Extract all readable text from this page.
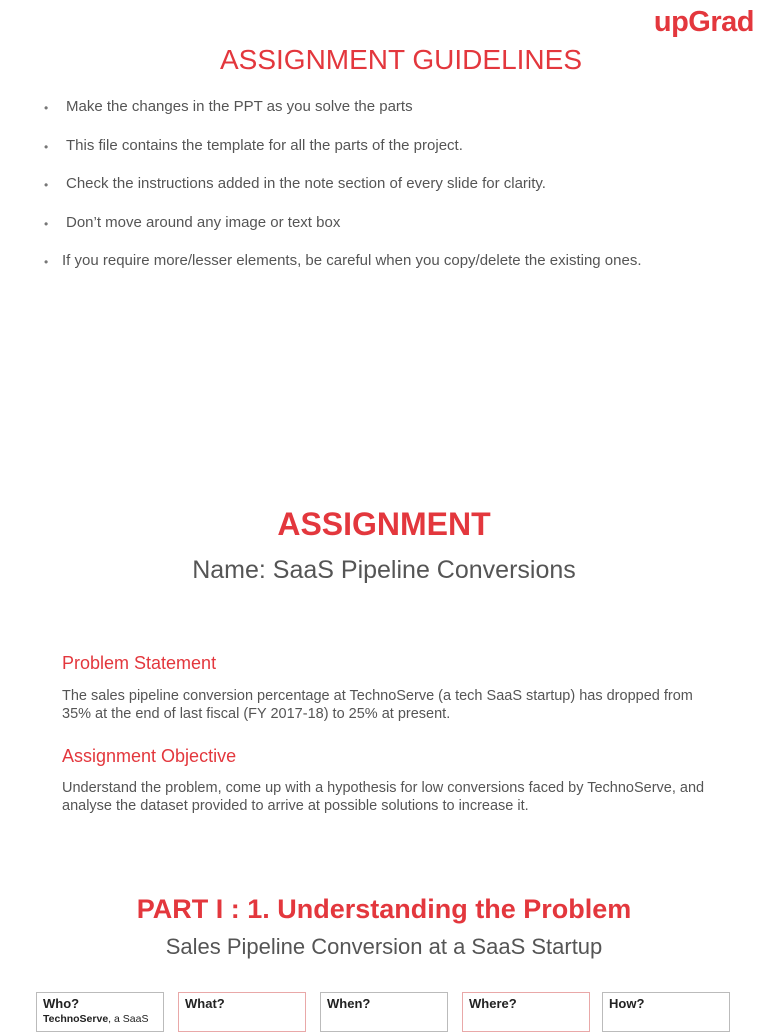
upGrad
ASSIGNMENT GUIDELINES
•	Make the changes in the PPT as you solve the parts
•	This file contains the template for all the parts of the project.
•	Check the instructions added in the note section of every slide for clarity.
•	Don’t move around any image or text box
• If you require more/lesser elements, be careful when you copy/delete the existing ones.
ASSIGNMENT
Name: SaaS Pipeline Conversions
Problem Statement
The sales pipeline conversion percentage at TechnoServe (a tech SaaS startup) has dropped from 35% at the end of last fiscal (FY 2017-18) to 25% at present.
Assignment Objective
Understand the problem, come up with a hypothesis for low conversions faced by TechnoServe, and analyse the dataset provided to arrive at possible solutions to increase it.
PART I : 1. Understanding the Problem
Sales Pipeline Conversion at a SaaS Startup
Who?
TechnoServe, a SaaS
What?	When?	Where?	How?
